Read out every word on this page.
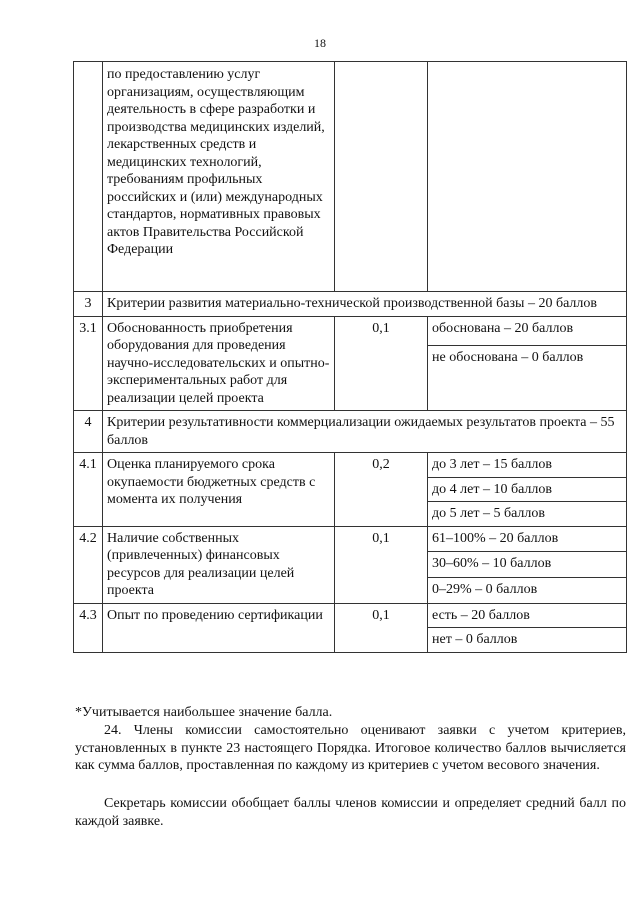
18
	по предоставлению услуг организациям, осуществляющим деятельность в сфере разработки и производства медицинских изделий, лекарственных средств и медицинских технологий, требованиям профильных российских и (или) международных стандартов, нормативных правовых актов Правительства Российской Федерации		
3	Критерии развития материально-технической производственной базы – 20 баллов		
3.1	Обоснованность приобретения оборудования для проведения научно-исследовательских и опытно-экспериментальных работ для реализации целей проекта	0,1	обоснована – 20 баллов
			не обоснована – 0 баллов
4	Критерии результативности коммерциализации ожидаемых результатов проекта – 55 баллов		
4.1	Оценка планируемого срока окупаемости бюджетных средств с момента их получения	0,2	до 3 лет – 15 баллов
			до 4 лет – 10 баллов
			до 5 лет – 5 баллов
4.2	Наличие собственных (привлеченных) финансовых ресурсов для реализации целей проекта	0,1	61–100% – 20 баллов
			30–60% – 10 баллов
			0–29% – 0 баллов
4.3	Опыт по проведению сертификации	0,1	есть – 20 баллов
			нет – 0 баллов
*Учитывается наибольшее значение балла.
24. Члены комиссии самостоятельно оценивают заявки с учетом критериев, установленных в пункте 23 настоящего Порядка. Итоговое количество баллов вычисляется как сумма баллов, проставленная по каждому из критериев с учетом весового значения.
Секретарь комиссии обобщает баллы членов комиссии и определяет средний балл по каждой заявке.
